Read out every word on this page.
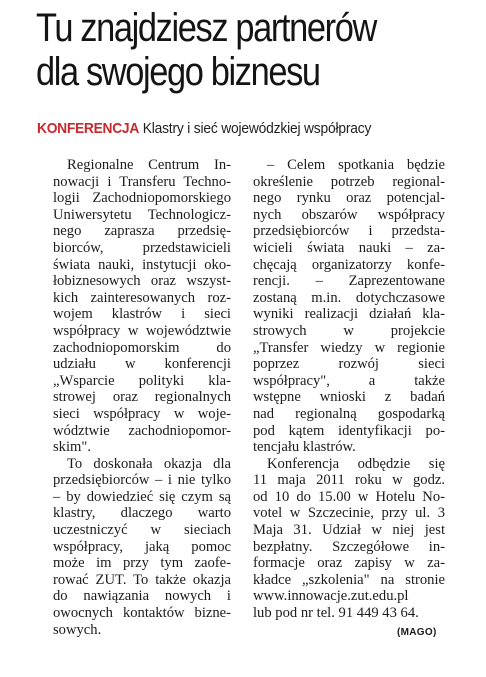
Tu znajdziesz partnerów
dla swojego biznesu
KONFERENCJA Klastry i sieć wojewódzkiej współpracy
Regionalne Centrum In-
nowacji i Transferu Techno-
logii Zachodniopomorskiego
Uniwersytetu Technologicz-
nego zaprasza przedsię-
biorców, przedstawicieli
świata nauki, instytucji oko-
łobiznesowych oraz wszyst-
kich zainteresowanych roz-
wojem klastrów i sieci
współpracy w województwie
zachodniopomorskim do
udziału w konferencji
„Wsparcie polityki kla-
strowej oraz regionalnych
sieci współpracy w woje-
wództwie zachodniopomor-
skim".
To doskonała okazja dla
przedsiębiorców – i nie tylko
– by dowiedzieć się czym są
klastry, dlaczego warto
uczestniczyć w sieciach
współpracy, jaką pomoc
może im przy tym zaofe-
rować ZUT. To także okazja
do nawiązania nowych i
owocnych kontaktów bizne-
sowych.
– Celem spotkania będzie
określenie potrzeb regional-
nego rynku oraz potencjal-
nych obszarów współpracy
przedsiębiorców i przedsta-
wicieli świata nauki – za-
chęcają organizatorzy konfe-
rencji. – Zaprezentowane
zostaną m.in. dotychczasowe
wyniki realizacji działań kla-
strowych w projekcie
„Transfer wiedzy w regionie
poprzez rozwój sieci
współpracy", a także
wstępne wnioski z badań
nad regionalną gospodarką
pod kątem identyfikacji po-
tencjału klastrów.
Konferencja odbędzie się
11 maja 2011 roku w godz.
od 10 do 15.00 w Hotelu No-
votel w Szczecinie, przy ul. 3
Maja 31. Udział w niej jest
bezpłatny. Szczegółowe in-
formacje oraz zapisy w za-
kładce „szkolenia" na stronie
www.innowacje.zut.edu.pl
lub pod nr tel. 91 449 43 64.
(MAGO)
